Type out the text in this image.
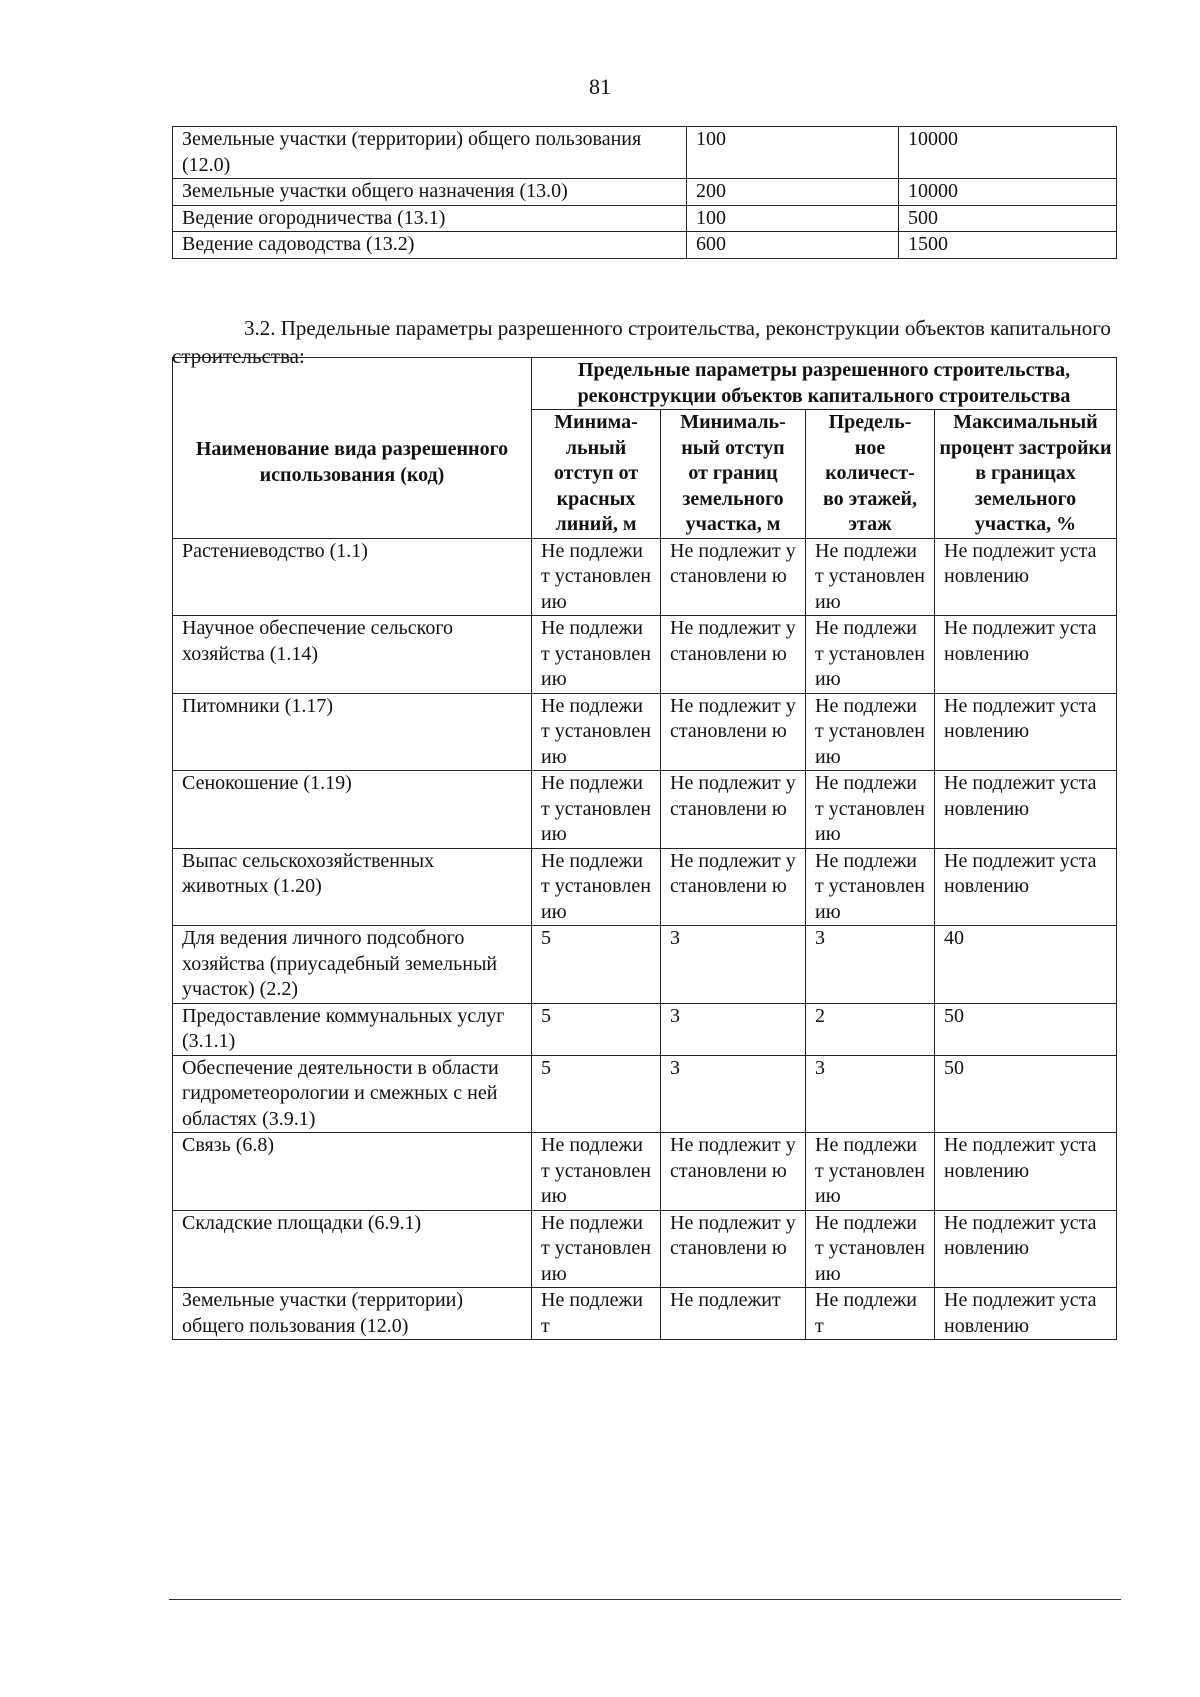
81
Земельные участки (территории) общего пользования (12.0)	100	10000
Земельные участки общего назначения (13.0)	200	10000
Ведение огородничества (13.1)	100	500
Ведение садоводства (13.2)	600	1500

3.2. Предельные параметры разрешенного строительства, реконструкции объектов капитального строительства:

Наименование вида разрешенного использования (код)	Предельные параметры разрешенного строительства, реконструкции объектов капитального строительства			
	Минима-
льный
отступ от
красных
линий, м	Минималь-
ный отступ
от границ
земельного
участка, м	Предель-
ное
количест-
во этажей,
этаж	Максимальный процент застройки в границах земельного участка, %
Растениеводство (1.1)	Не подлежит установлен ию	Не подлежит установлени ю	Не подлежит установлен ию	Не подлежит установлению
Научное обеспечение сельского хозяйства (1.14)	Не подлежит установлен ию	Не подлежит установлени ю	Не подлежит установлен ию	Не подлежит установлению
Питомники (1.17)	Не подлежит установлен ию	Не подлежит установлени ю	Не подлежит установлен ию	Не подлежит установлению
Сенокошение (1.19)	Не подлежит установлен ию	Не подлежит установлени ю	Не подлежит установлен ию	Не подлежит установлению
Выпас сельскохозяйственных животных (1.20)	Не подлежит установлен ию	Не подлежит установлени ю	Не подлежит установлен ию	Не подлежит установлению
Для ведения личного подсобного хозяйства (приусадебный земельный участок) (2.2)	5	3	3	40
Предоставление коммунальных услуг (3.1.1)	5	3	2	50
Обеспечение деятельности в области гидрометеорологии и смежных с ней областях (3.9.1)	5	3	3	50
Связь (6.8)	Не подлежит установлен ию	Не подлежит установлени ю	Не подлежит установлен ию	Не подлежит установлению
Складские площадки (6.9.1)	Не подлежит установлен ию	Не подлежит установлени ю	Не подлежит установлен ию	Не подлежит установлению
Земельные участки (территории) общего пользования (12.0)	Не подлежит	Не подлежит	Не подлежит	Не подлежит установлению
